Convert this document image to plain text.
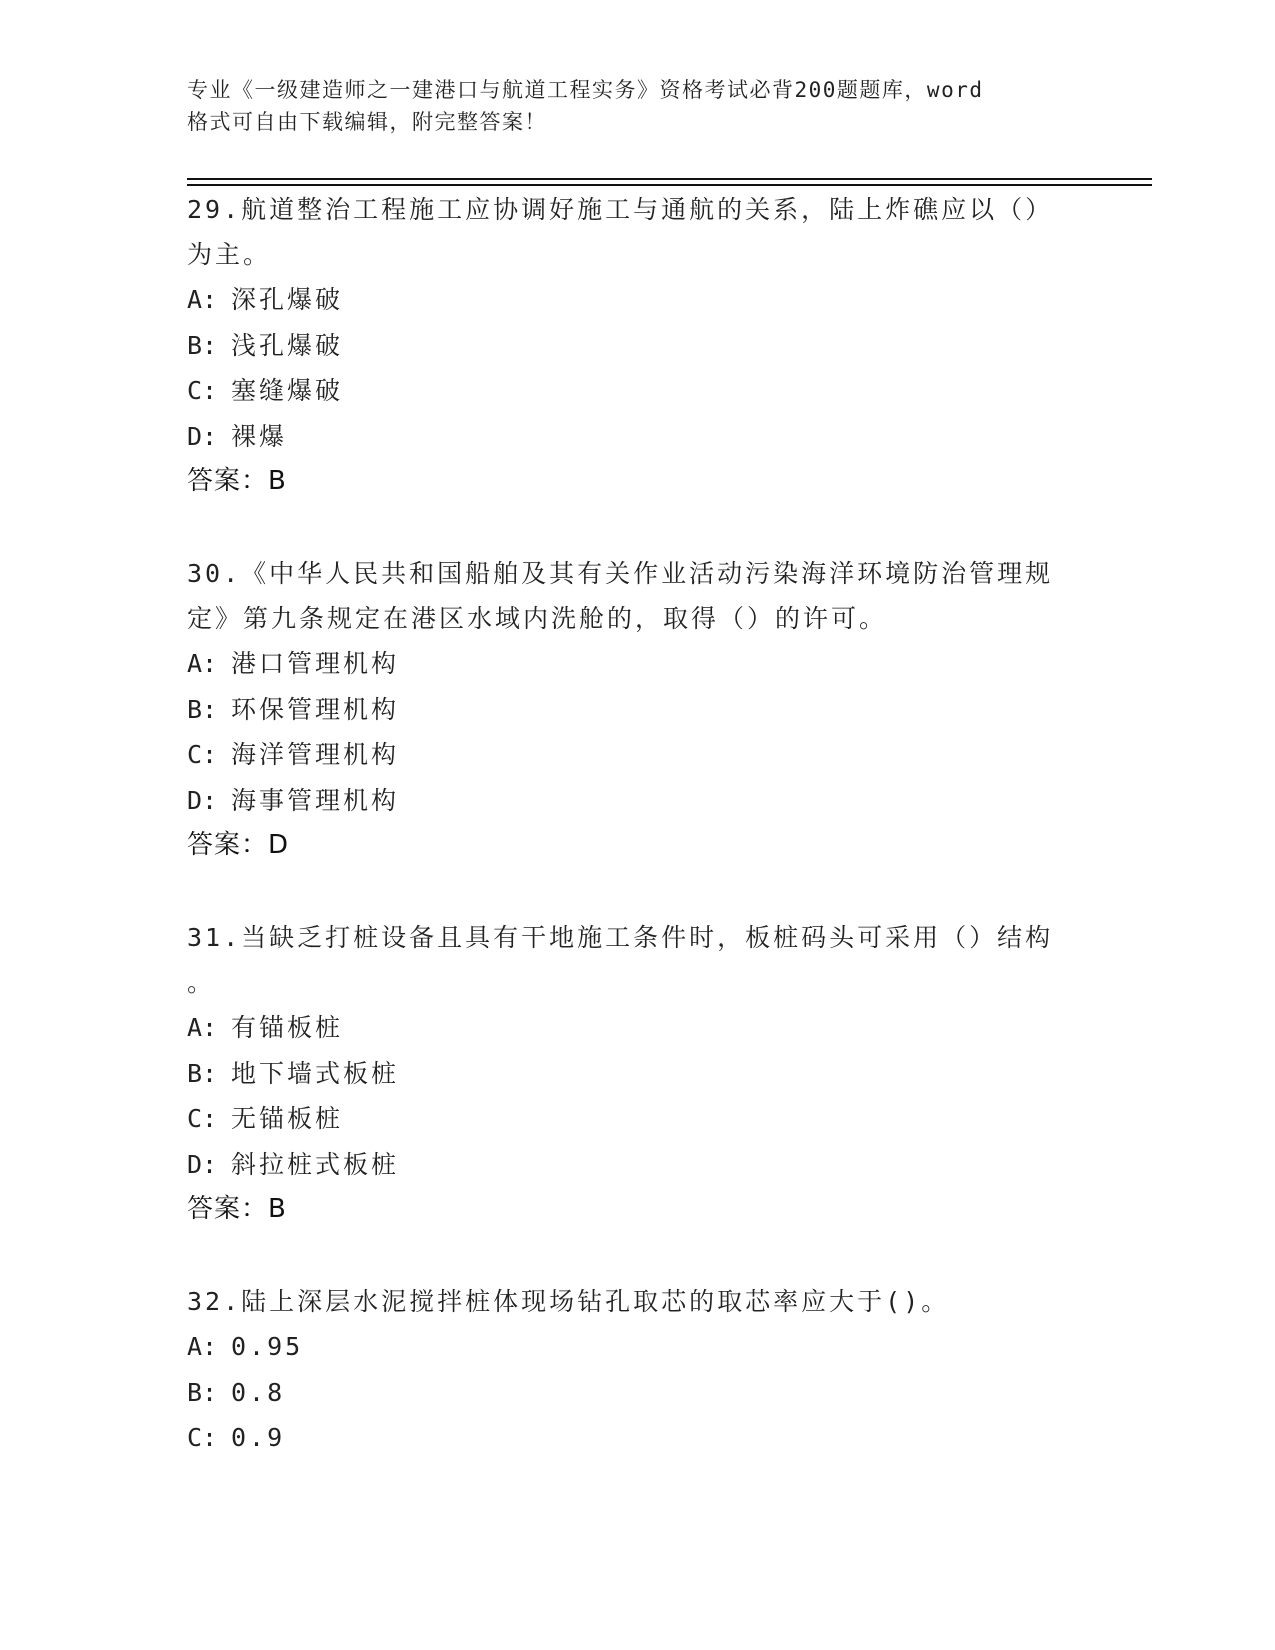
专业《一级建造师之一建港口与航道工程实务》资格考试必背200题题库，word
格式可自由下载编辑，附完整答案！
29.航道整治工程施工应协调好施工与通航的关系，陆上炸礁应以（）
为主。
A: 深孔爆破
B: 浅孔爆破
C: 塞缝爆破
D: 裸爆
答案：B
30.《中华人民共和国船舶及其有关作业活动污染海洋环境防治管理规
定》第九条规定在港区水域内洗舱的，取得（）的许可。
A: 港口管理机构
B: 环保管理机构
C: 海洋管理机构
D: 海事管理机构
答案：D
31.当缺乏打桩设备且具有干地施工条件时，板桩码头可采用（）结构
。
A: 有锚板桩
B: 地下墙式板桩
C: 无锚板桩
D: 斜拉桩式板桩
答案：B
32.陆上深层水泥搅拌桩体现场钻孔取芯的取芯率应大于()。
A: 0.95
B: 0.8
C: 0.9
